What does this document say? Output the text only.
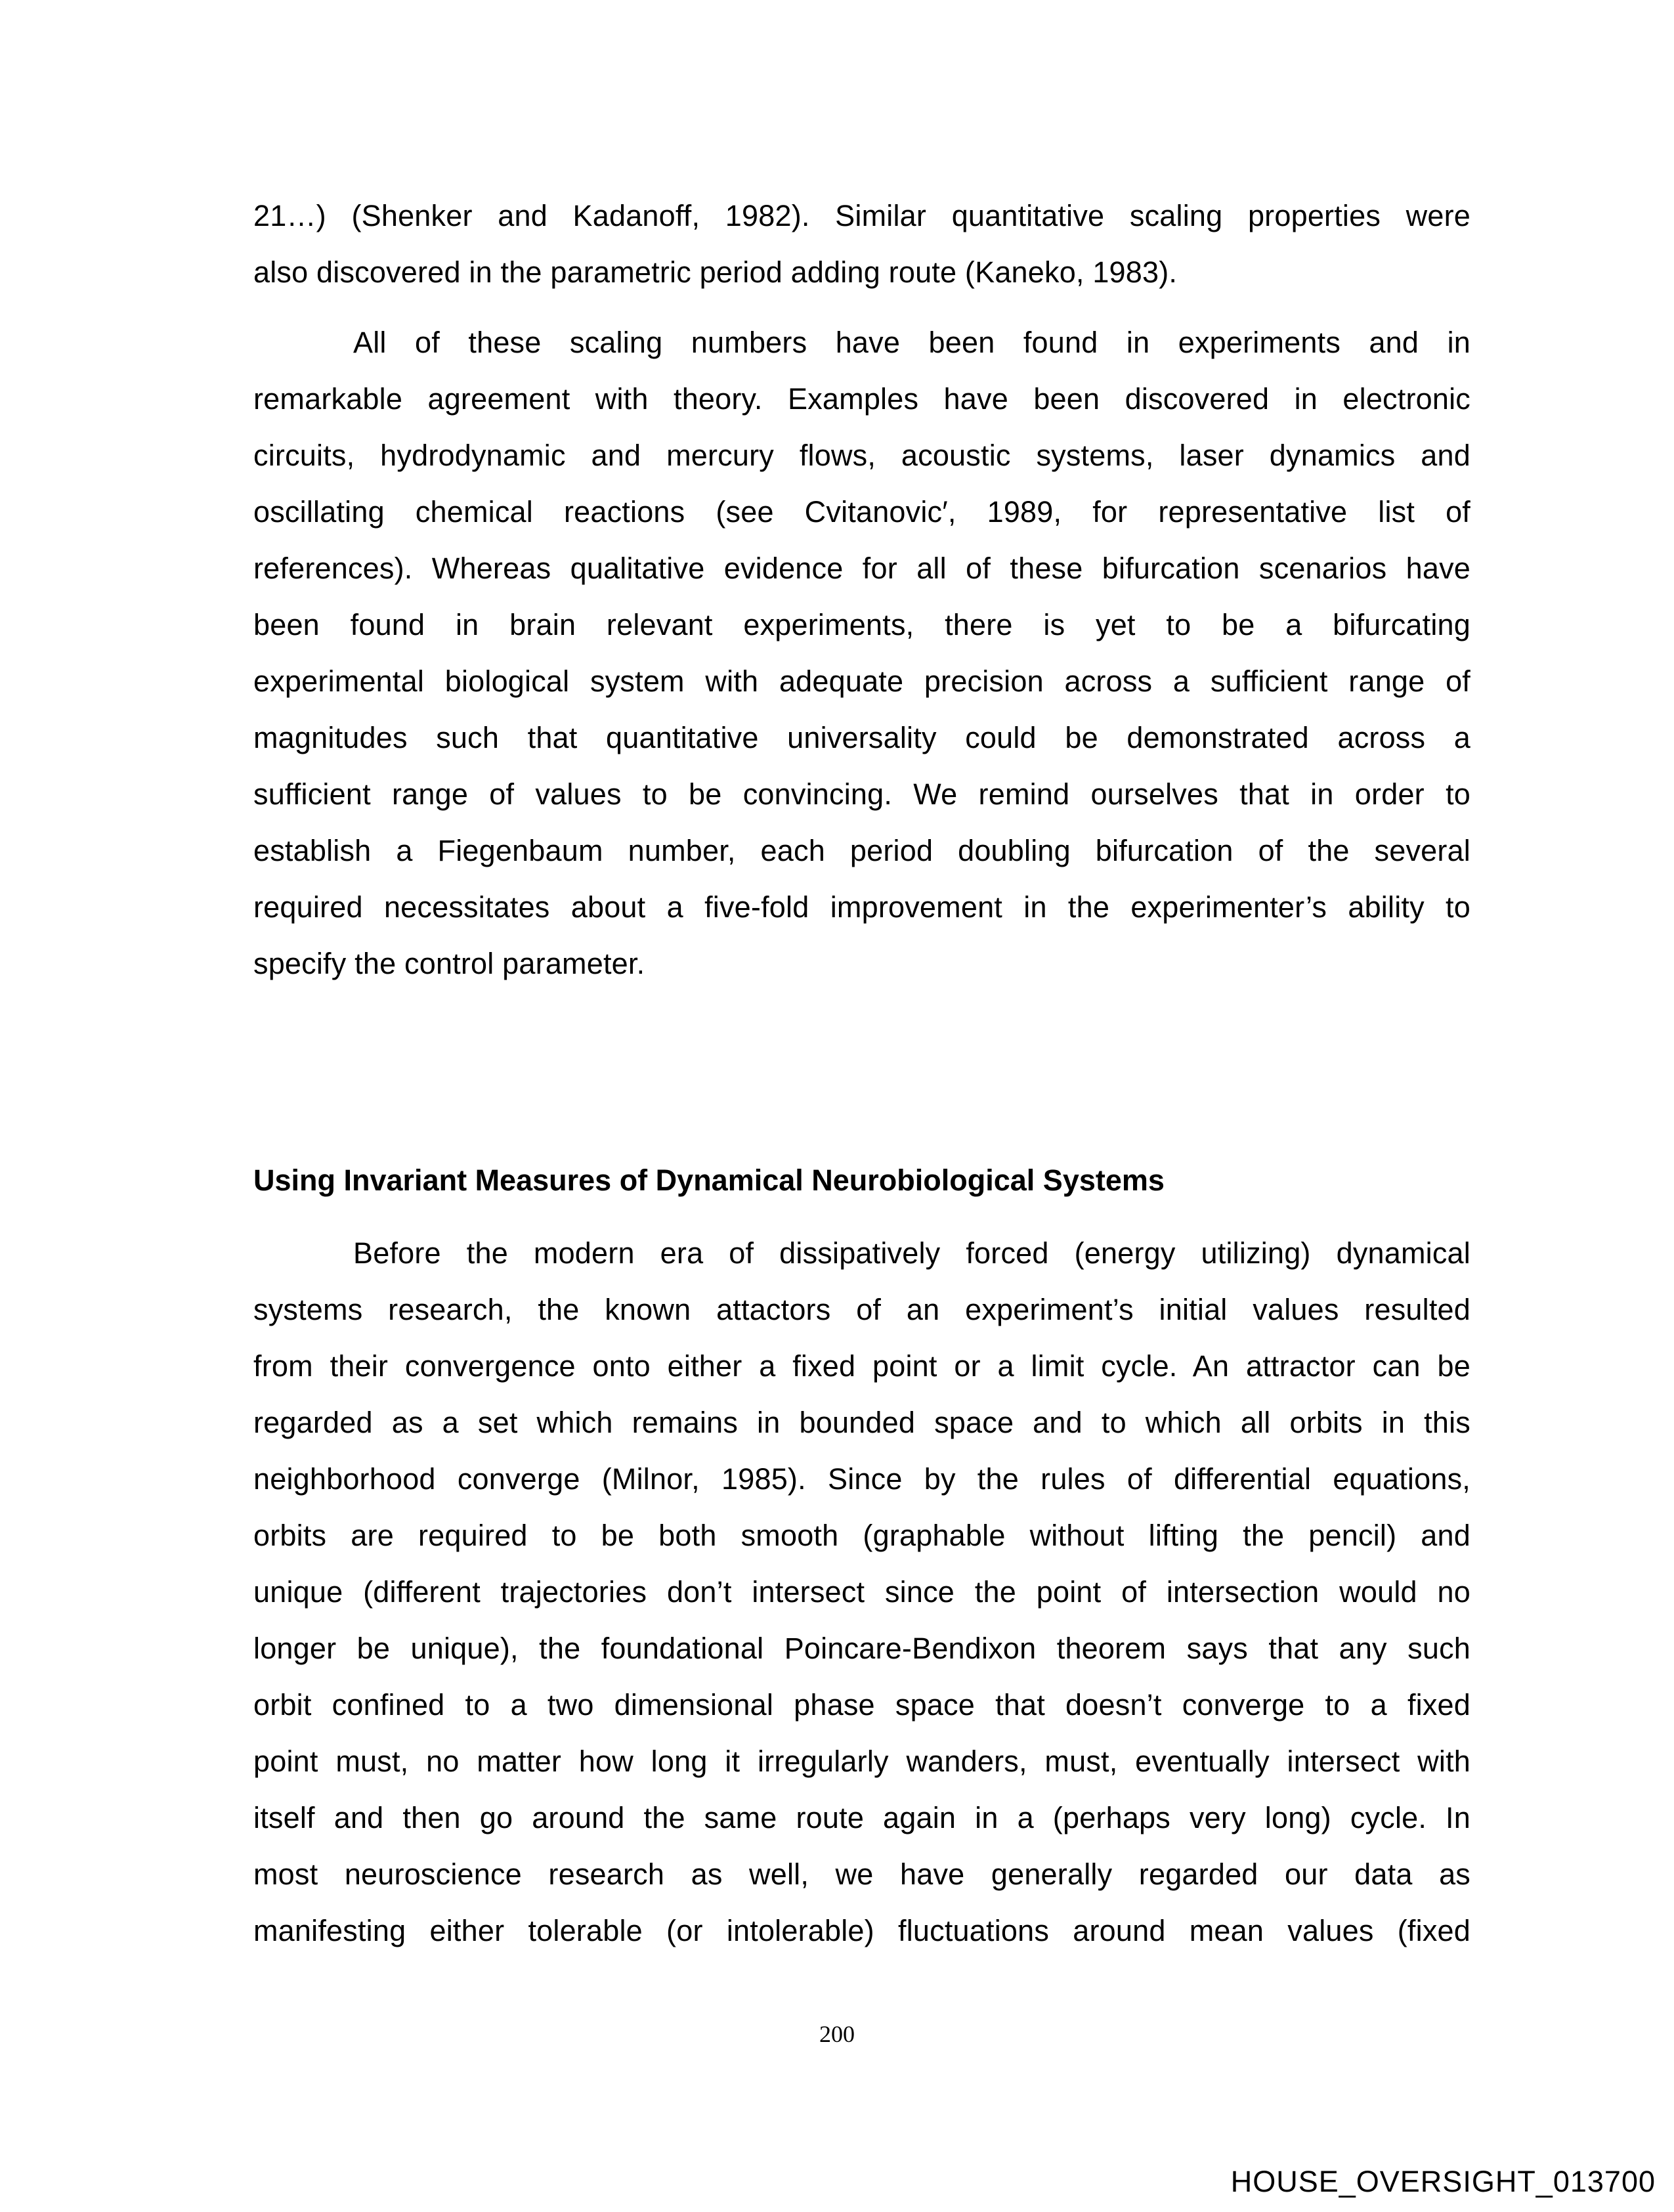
21…) (Shenker and Kadanoff, 1982). Similar quantitative scaling properties were
also discovered in the parametric period adding route (Kaneko, 1983).
All of these scaling numbers have been found in experiments and in
remarkable agreement with theory. Examples have been discovered in electronic
circuits, hydrodynamic and mercury flows, acoustic systems, laser dynamics and
oscillating chemical reactions (see Cvitanovic′, 1989, for representative list of
references). Whereas qualitative evidence for all of these bifurcation scenarios have
been found in brain relevant experiments, there is yet to be a bifurcating
experimental biological system with adequate precision across a sufficient range of
magnitudes such that quantitative universality could be demonstrated across a
sufficient range of values to be convincing. We remind ourselves that in order to
establish a Fiegenbaum number, each period doubling bifurcation of the several
required necessitates about a five-fold improvement in the experimenter’s ability to
specify the control parameter.
Using Invariant Measures of Dynamical Neurobiological Systems
Before the modern era of dissipatively forced (energy utilizing) dynamical
systems research, the known attactors of an experiment’s initial values resulted
from their convergence onto either a fixed point or a limit cycle. An attractor can be
regarded as a set which remains in bounded space and to which all orbits in this
neighborhood converge (Milnor, 1985). Since by the rules of differential equations,
orbits are required to be both smooth (graphable without lifting the pencil) and
unique (different trajectories don’t intersect since the point of intersection would no
longer be unique), the foundational Poincare-Bendixon theorem says that any such
orbit confined to a two dimensional phase space that doesn’t converge to a fixed
point must, no matter how long it irregularly wanders, must, eventually intersect with
itself and then go around the same route again in a (perhaps very long) cycle. In
most neuroscience research as well, we have generally regarded our data as
manifesting either tolerable (or intolerable) fluctuations around mean values (fixed
200
HOUSE_OVERSIGHT_013700
